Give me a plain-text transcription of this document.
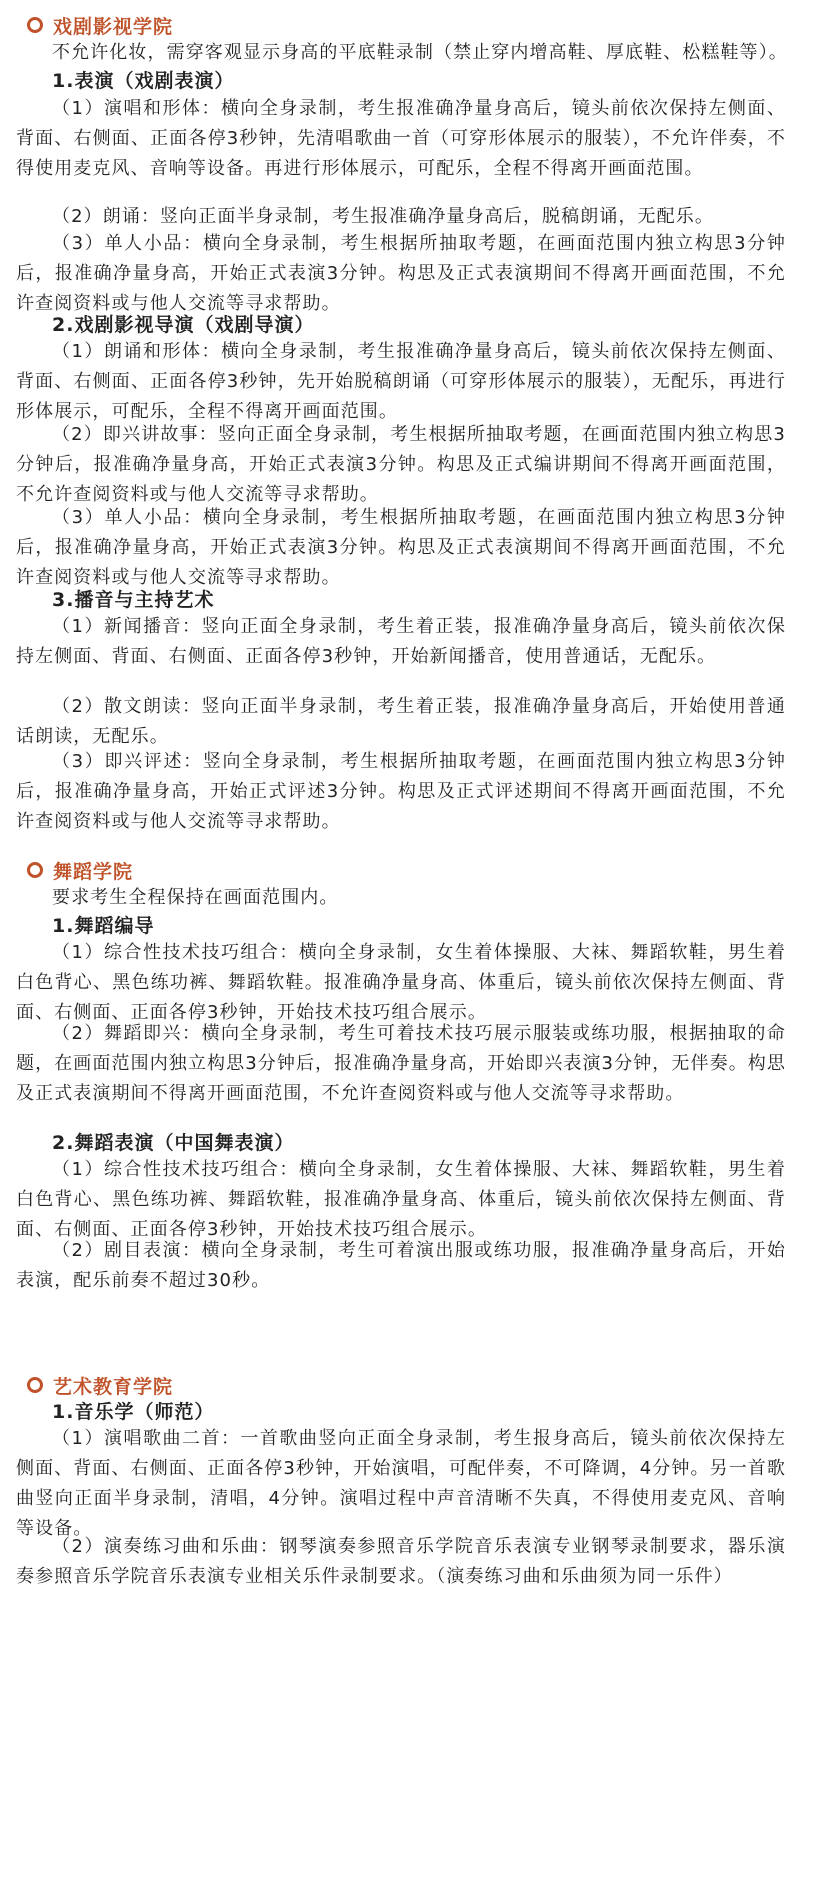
戏剧影视学院

不允许化妆，需穿客观显示身高的平底鞋录制（禁止穿内增高鞋、厚底鞋、松糕鞋等）。

1.表演（戏剧表演）

（1）演唱和形体：横向全身录制，考生报准确净量身高后，镜头前依次保持左侧面、背面、右侧面、正面各停3秒钟，先清唱歌曲一首（可穿形体展示的服装），不允许伴奏，不得使用麦克风、音响等设备。再进行形体展示，可配乐，全程不得离开画面范围。

（2）朗诵：竖向正面半身录制，考生报准确净量身高后，脱稿朗诵，无配乐。

（3）单人小品：横向全身录制，考生根据所抽取考题，在画面范围内独立构思3分钟后，报准确净量身高，开始正式表演3分钟。构思及正式表演期间不得离开画面范围，不允许查阅资料或与他人交流等寻求帮助。

2.戏剧影视导演（戏剧导演）

（1）朗诵和形体：横向全身录制，考生报准确净量身高后，镜头前依次保持左侧面、背面、右侧面、正面各停3秒钟，先开始脱稿朗诵（可穿形体展示的服装），无配乐，再进行形体展示，可配乐，全程不得离开画面范围。

（2）即兴讲故事：竖向正面全身录制，考生根据所抽取考题，在画面范围内独立构思3分钟后，报准确净量身高，开始正式表演3分钟。构思及正式编讲期间不得离开画面范围，不允许查阅资料或与他人交流等寻求帮助。

（3）单人小品：横向全身录制，考生根据所抽取考题，在画面范围内独立构思3分钟后，报准确净量身高，开始正式表演3分钟。构思及正式表演期间不得离开画面范围，不允许查阅资料或与他人交流等寻求帮助。

3.播音与主持艺术

（1）新闻播音：竖向正面全身录制，考生着正装，报准确净量身高后，镜头前依次保持左侧面、背面、右侧面、正面各停3秒钟，开始新闻播音，使用普通话，无配乐。

（2）散文朗读：竖向正面半身录制，考生着正装，报准确净量身高后，开始使用普通话朗读，无配乐。

（3）即兴评述：竖向全身录制，考生根据所抽取考题，在画面范围内独立构思3分钟后，报准确净量身高，开始正式评述3分钟。构思及正式评述期间不得离开画面范围，不允许查阅资料或与他人交流等寻求帮助。

舞蹈学院

要求考生全程保持在画面范围内。

1.舞蹈编导

（1）综合性技术技巧组合：横向全身录制，女生着体操服、大袜、舞蹈软鞋，男生着白色背心、黑色练功裤、舞蹈软鞋。报准确净量身高、体重后，镜头前依次保持左侧面、背面、右侧面、正面各停3秒钟，开始技术技巧组合展示。

（2）舞蹈即兴：横向全身录制，考生可着技术技巧展示服装或练功服，根据抽取的命题，在画面范围内独立构思3分钟后，报准确净量身高，开始即兴表演3分钟，无伴奏。构思及正式表演期间不得离开画面范围，不允许查阅资料或与他人交流等寻求帮助。

2.舞蹈表演（中国舞表演）

（1）综合性技术技巧组合：横向全身录制，女生着体操服、大袜、舞蹈软鞋，男生着白色背心、黑色练功裤、舞蹈软鞋，报准确净量身高、体重后，镜头前依次保持左侧面、背面、右侧面、正面各停3秒钟，开始技术技巧组合展示。

（2）剧目表演：横向全身录制，考生可着演出服或练功服，报准确净量身高后，开始表演，配乐前奏不超过30秒。

艺术教育学院
1.音乐学（师范）

（1）演唱歌曲二首：一首歌曲竖向正面全身录制，考生报身高后，镜头前依次保持左侧面、背面、右侧面、正面各停3秒钟，开始演唱，可配伴奏，不可降调，4分钟。另一首歌曲竖向正面半身录制，清唱，4分钟。演唱过程中声音清晰不失真，不得使用麦克风、音响等设备。

（2）演奏练习曲和乐曲：钢琴演奏参照音乐学院音乐表演专业钢琴录制要求，器乐演奏参照音乐学院音乐表演专业相关乐件录制要求。（演奏练习曲和乐曲须为同一乐件）
